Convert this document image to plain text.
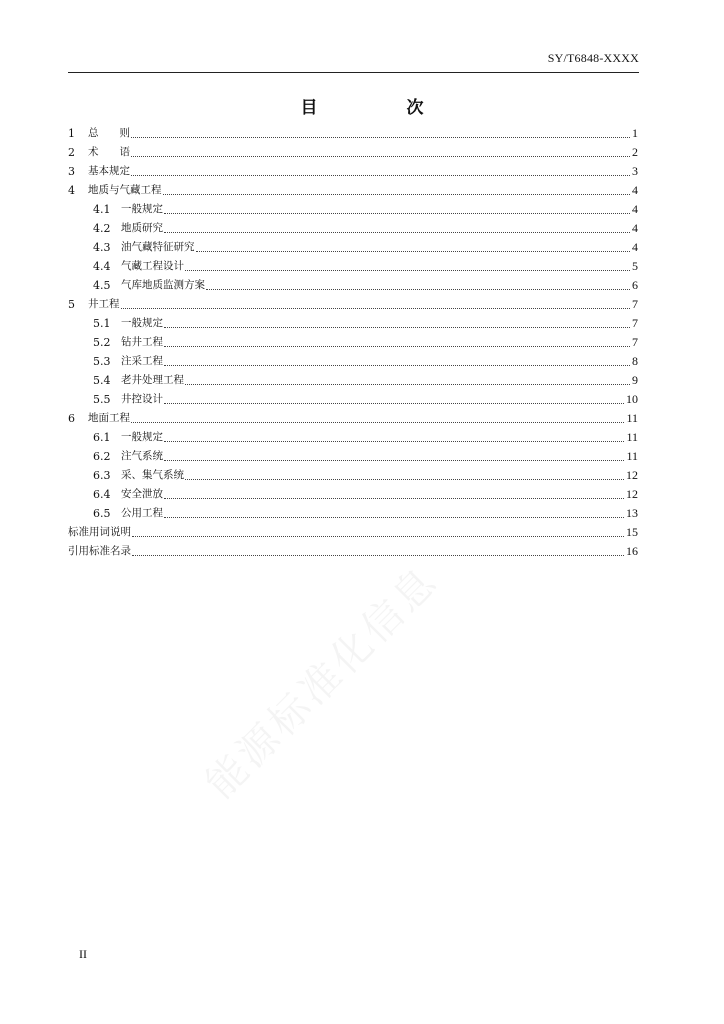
SY/T6848-XXXX
目　次
1	总　　则	1
2	术　　语	2
3	基本规定	3
4	地质与气藏工程	4
4.1	一般规定	4
4.2	地质研究	4
4.3	油气藏特征研究	4
4.4	气藏工程设计	5
4.5	气库地质监测方案	6
5	井工程	7
5.1	一般规定	7
5.2	钻井工程	7
5.3	注采工程	8
5.4	老井处理工程	9
5.5	井控设计	10
6	地面工程	11
6.1	一般规定	11
6.2	注气系统	11
6.3	采、集气系统	12
6.4	安全泄放	12
6.5	公用工程	13
标准用词说明	15
引用标准名录	16
II
